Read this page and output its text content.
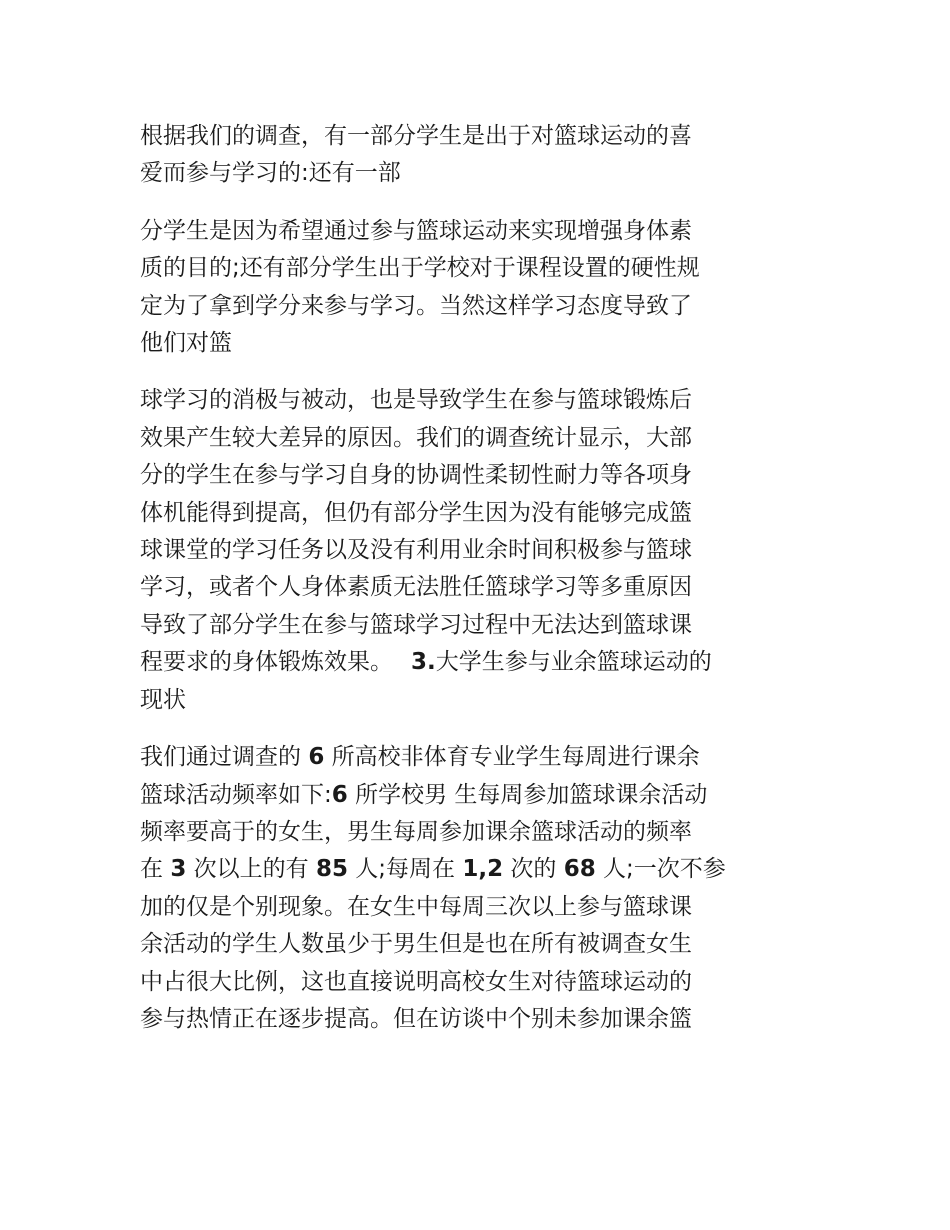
根据我们的调查，有一部分学生是出于对篮球运动的喜
爱而参与学习的:还有一部

分学生是因为希望通过参与篮球运动来实现增强身体素
质的目的;还有部分学生出于学校对于课程设置的硬性规
定为了拿到学分来参与学习。当然这样学习态度导致了
他们对篮

球学习的消极与被动，也是导致学生在参与篮球锻炼后
效果产生较大差异的原因。我们的调查统计显示，大部
分的学生在参与学习自身的协调性柔韧性耐力等各项身
体机能得到提高，但仍有部分学生因为没有能够完成篮
球课堂的学习任务以及没有利用业余时间积极参与篮球
学习，或者个人身体素质无法胜任篮球学习等多重原因
导致了部分学生在参与篮球学习过程中无法达到篮球课
程要求的身体锻炼效果。 3.大学生参与业余篮球运动的
现状

我们通过调查的 6 所高校非体育专业学生每周进行课余
篮球活动频率如下:6 所学校男 生每周参加篮球课余活动
频率要高于的女生，男生每周参加课余篮球活动的频率
在 3 次以上的有 85 人;每周在 1,2 次的 68 人;一次不参
加的仅是个别现象。在女生中每周三次以上参与篮球课
余活动的学生人数虽少于男生但是也在所有被调查女生
中占很大比例，这也直接说明高校女生对待篮球运动的
参与热情正在逐步提高。但在访谈中个别未参加课余篮
